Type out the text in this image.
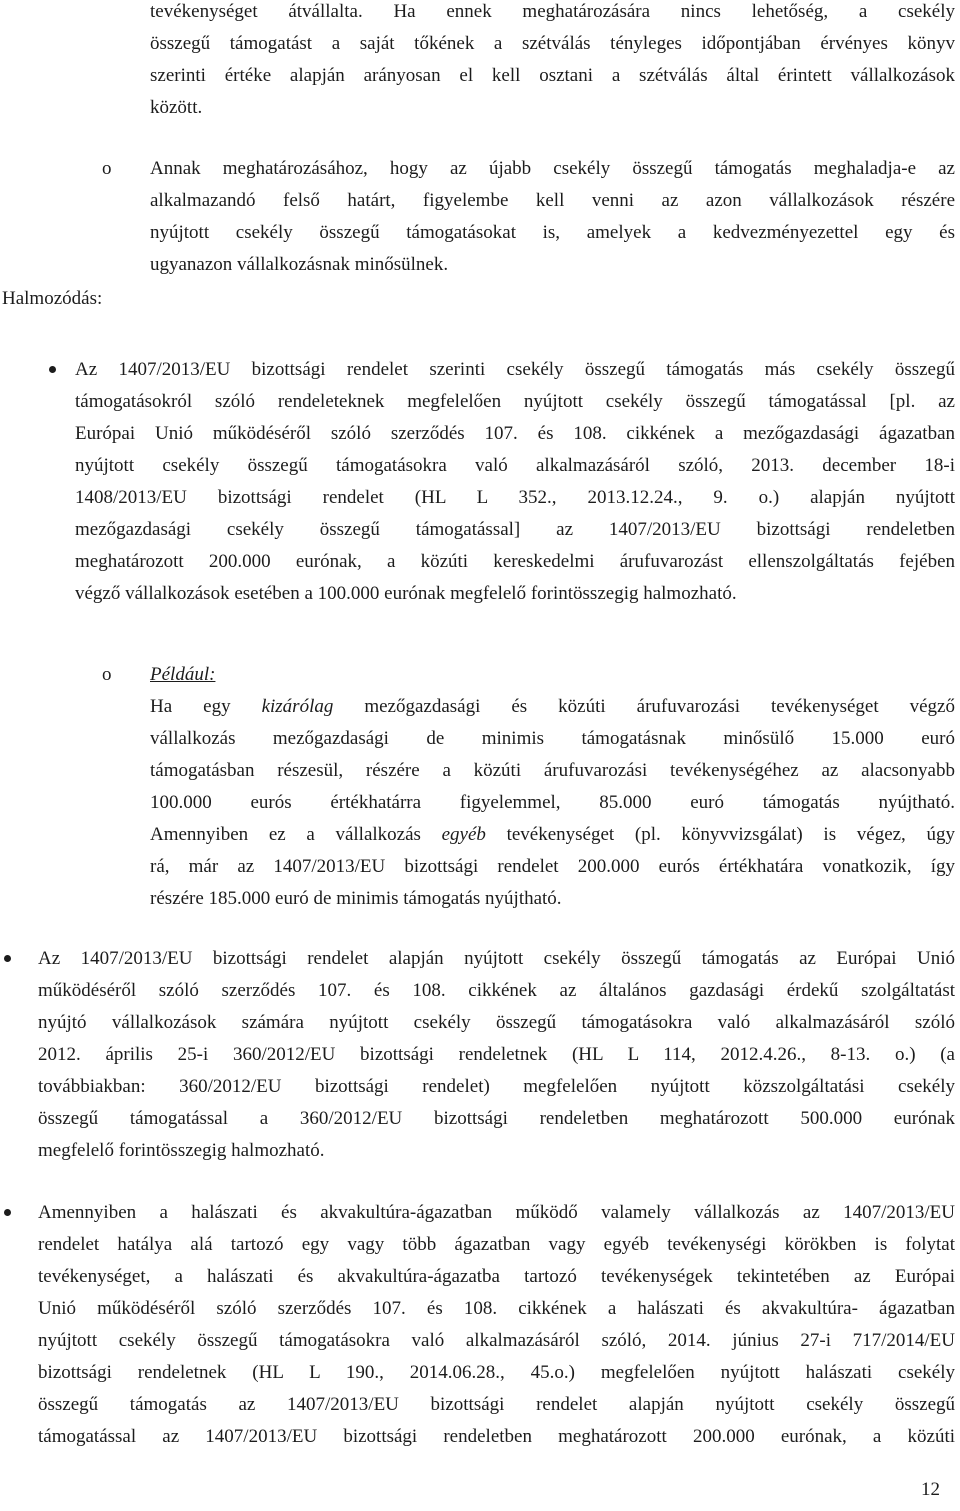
tevékenységet átvállalta. Ha ennek meghatározására nincs lehetőség, a csekély
összegű támogatást a saját tőkének a szétválás tényleges időpontjában érvényes könyv
szerinti értéke alapján arányosan el kell osztani a szétválás által érintett vállalkozások
között.
o Annak meghatározásához, hogy az újabb csekély összegű támogatás meghaladja-e az
alkalmazandó felső határt, figyelembe kell venni az azon vállalkozások részére
nyújtott csekély összegű támogatásokat is, amelyek a kedvezményezettel egy és
ugyanazon vállalkozásnak minősülnek.
Halmozódás:
Az 1407/2013/EU bizottsági rendelet szerinti csekély összegű támogatás más csekély összegű
támogatásokról szóló rendeleteknek megfelelően nyújtott csekély összegű támogatással [pl. az
Európai Unió működéséről szóló szerződés 107. és 108. cikkének a mezőgazdasági ágazatban
nyújtott csekély összegű támogatásokra való alkalmazásáról szóló, 2013. december 18-i
1408/2013/EU bizottsági rendelet (HL L 352., 2013.12.24., 9. o.) alapján nyújtott
mezőgazdasági csekély összegű támogatással] az 1407/2013/EU bizottsági rendeletben
meghatározott 200.000 eurónak, a közúti kereskedelmi árufuvarozást ellenszolgáltatás fejében
végző vállalkozások esetében a 100.000 eurónak megfelelő forintösszegig halmozható.
o Például:
Ha egy kizárólag mezőgazdasági és közúti árufuvarozási tevékenységet végző
vállalkozás mezőgazdasági de minimis támogatásnak minősülő 15.000 euró
támogatásban részesül, részére a közúti árufuvarozási tevékenységéhez az alacsonyabb
100.000 eurós értékhatárra figyelemmel, 85.000 euró támogatás nyújtható.
Amennyiben ez a vállalkozás egyéb tevékenységet (pl. könyvvizsgálat) is végez, úgy
rá, már az 1407/2013/EU bizottsági rendelet 200.000 eurós értékhatára vonatkozik, így
részére 185.000 euró de minimis támogatás nyújtható.
Az 1407/2013/EU bizottsági rendelet alapján nyújtott csekély összegű támogatás az Európai Unió
működéséről szóló szerződés 107. és 108. cikkének az általános gazdasági érdekű szolgáltatást
nyújtó vállalkozások számára nyújtott csekély összegű támogatásokra való alkalmazásáról szóló
2012. április 25-i 360/2012/EU bizottsági rendeletnek (HL L 114, 2012.4.26., 8-13. o.) (a
továbbiakban: 360/2012/EU bizottsági rendelet) megfelelően nyújtott közszolgáltatási csekély
összegű támogatással a 360/2012/EU bizottsági rendeletben meghatározott 500.000 eurónak
megfelelő forintösszegig halmozható.
Amennyiben a halászati és akvakultúra-ágazatban működő valamely vállalkozás az 1407/2013/EU
rendelet hatálya alá tartozó egy vagy több ágazatban vagy egyéb tevékenységi körökben is folytat
tevékenységet, a halászati és akvakultúra-ágazatba tartozó tevékenységek tekintetében az Európai
Unió működéséről szóló szerződés 107. és 108. cikkének a halászati és akvakultúra- ágazatban
nyújtott csekély összegű támogatásokra való alkalmazásáról szóló, 2014. június 27-i 717/2014/EU
bizottsági rendeletnek (HL L 190., 2014.06.28., 45.o.) megfelelően nyújtott halászati csekély
összegű támogatás az 1407/2013/EU bizottsági rendelet alapján nyújtott csekély összegű
támogatással az 1407/2013/EU bizottsági rendeletben meghatározott 200.000 eurónak, a közúti
12
